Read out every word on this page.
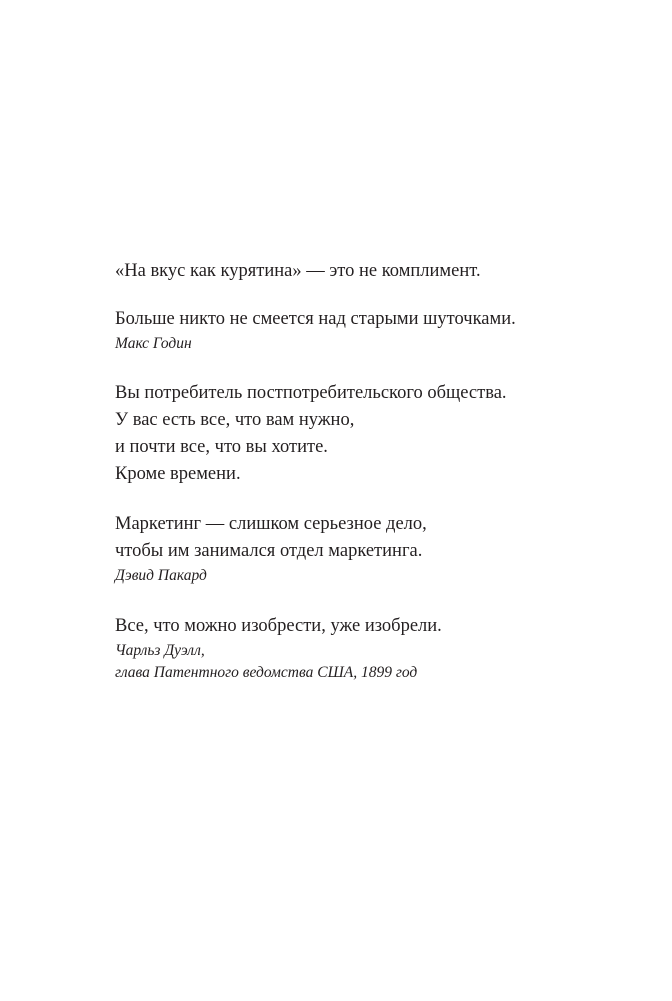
«На вкус как курятина» — это не комплимент.
Больше никто не смеется над старыми шуточками.
Макс Годин
Вы потребитель постпотребительского общества.
У вас есть все, что вам нужно,
и почти все, что вы хотите.
Кроме времени.
Маркетинг — слишком серьезное дело,
чтобы им занимался отдел маркетинга.
Дэвид Пакард
Все, что можно изобрести, уже изобрели.
Чарльз Дуэлл,
глава Патентного ведомства США, 1899 год
